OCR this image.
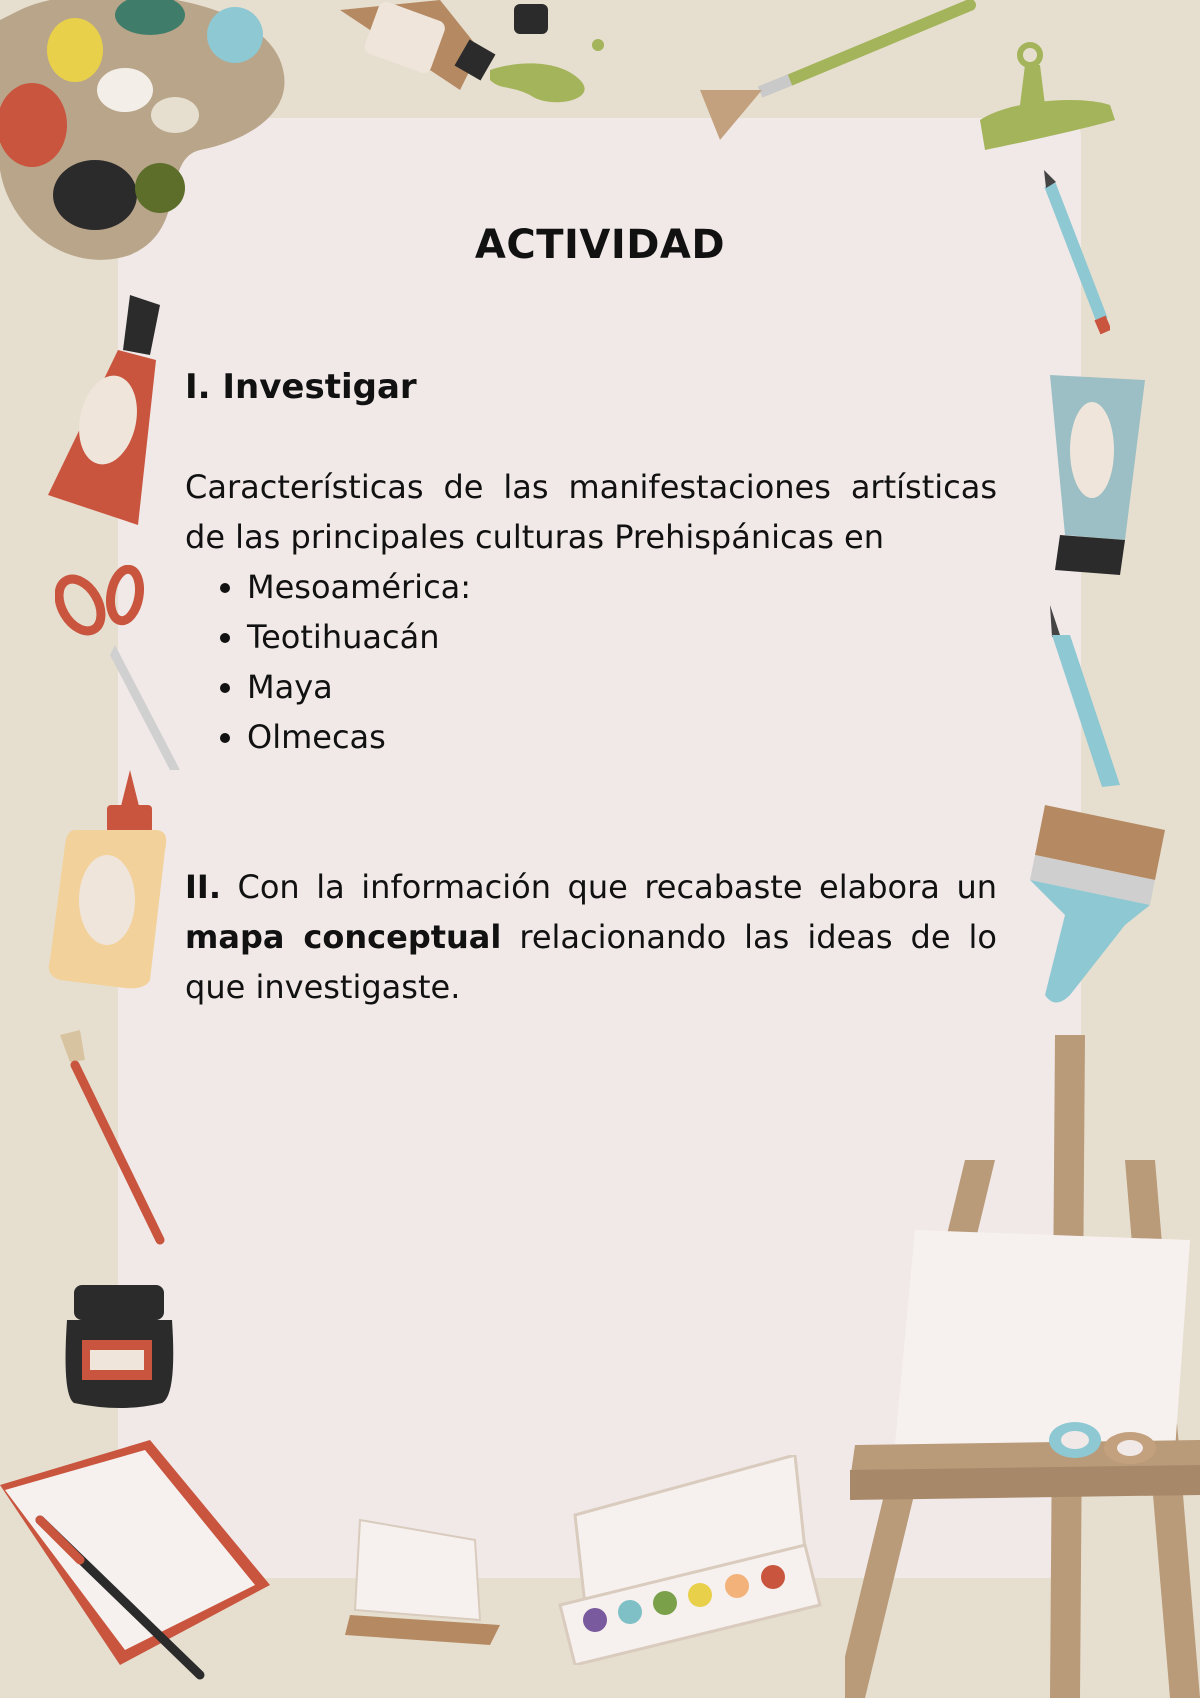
ACTIVIDAD

I. Investigar

Características de las manifestaciones artísticas de las principales culturas Prehispánicas en

• Mesoamérica:
• Teotihuacán
• Maya
• Olmecas

II. Con la información que recabaste elabora un mapa conceptual relacionando las ideas de lo que investigaste.
